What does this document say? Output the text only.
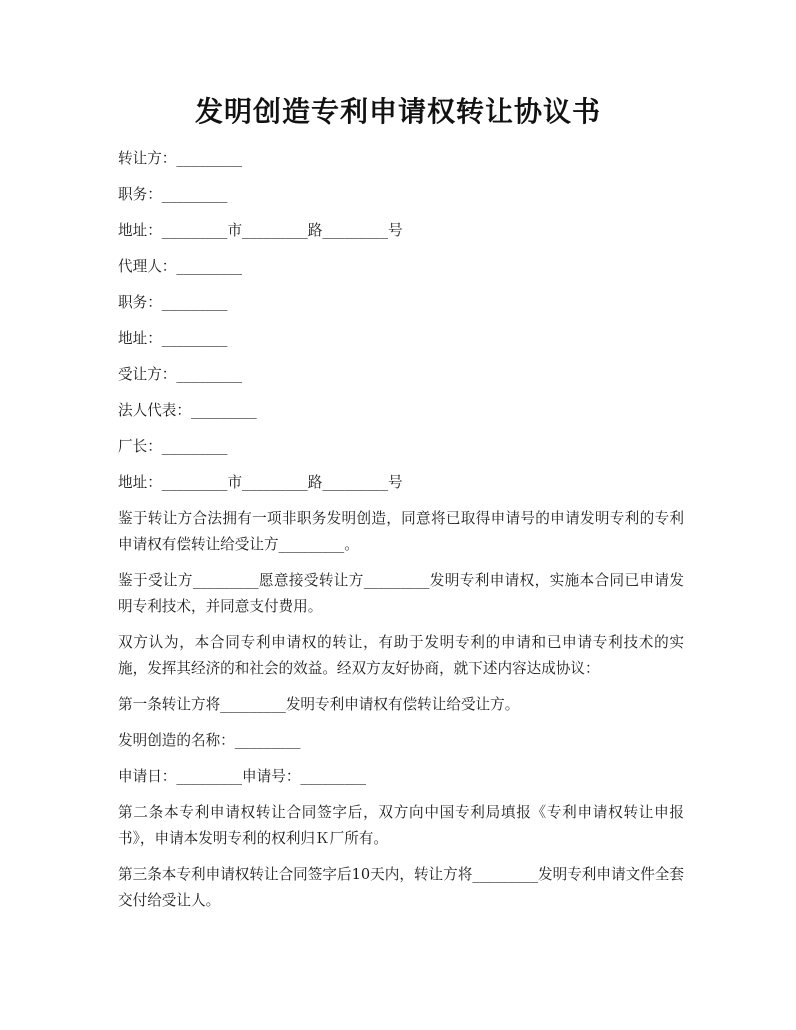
发明创造专利申请权转让协议书
转让方：_________
职务：_________
地址：_________市_________路_________号
代理人：_________
职务：_________
地址：_________
受让方：_________
法人代表：_________
厂长：_________
地址：_________市_________路_________号
鉴于转让方合法拥有一项非职务发明创造，同意将已取得申请号的申请发明专利的专利申请权有偿转让给受让方_________。
鉴于受让方_________愿意接受转让方_________发明专利申请权，实施本合同已申请发明专利技术，并同意支付费用。
双方认为，本合同专利申请权的转让，有助于发明专利的申请和已申请专利技术的实施，发挥其经济的和社会的效益。经双方友好协商，就下述内容达成协议：
第一条转让方将_________发明专利申请权有偿转让给受让方。
发明创造的名称：_________
申请日：_________申请号：_________
第二条本专利申请权转让合同签字后，双方向中国专利局填报《专利申请权转让申报书》，申请本发明专利的权利归Ｋ厂所有。
第三条本专利申请权转让合同签字后10天内，转让方将_________发明专利申请文件全套交付给受让人。
